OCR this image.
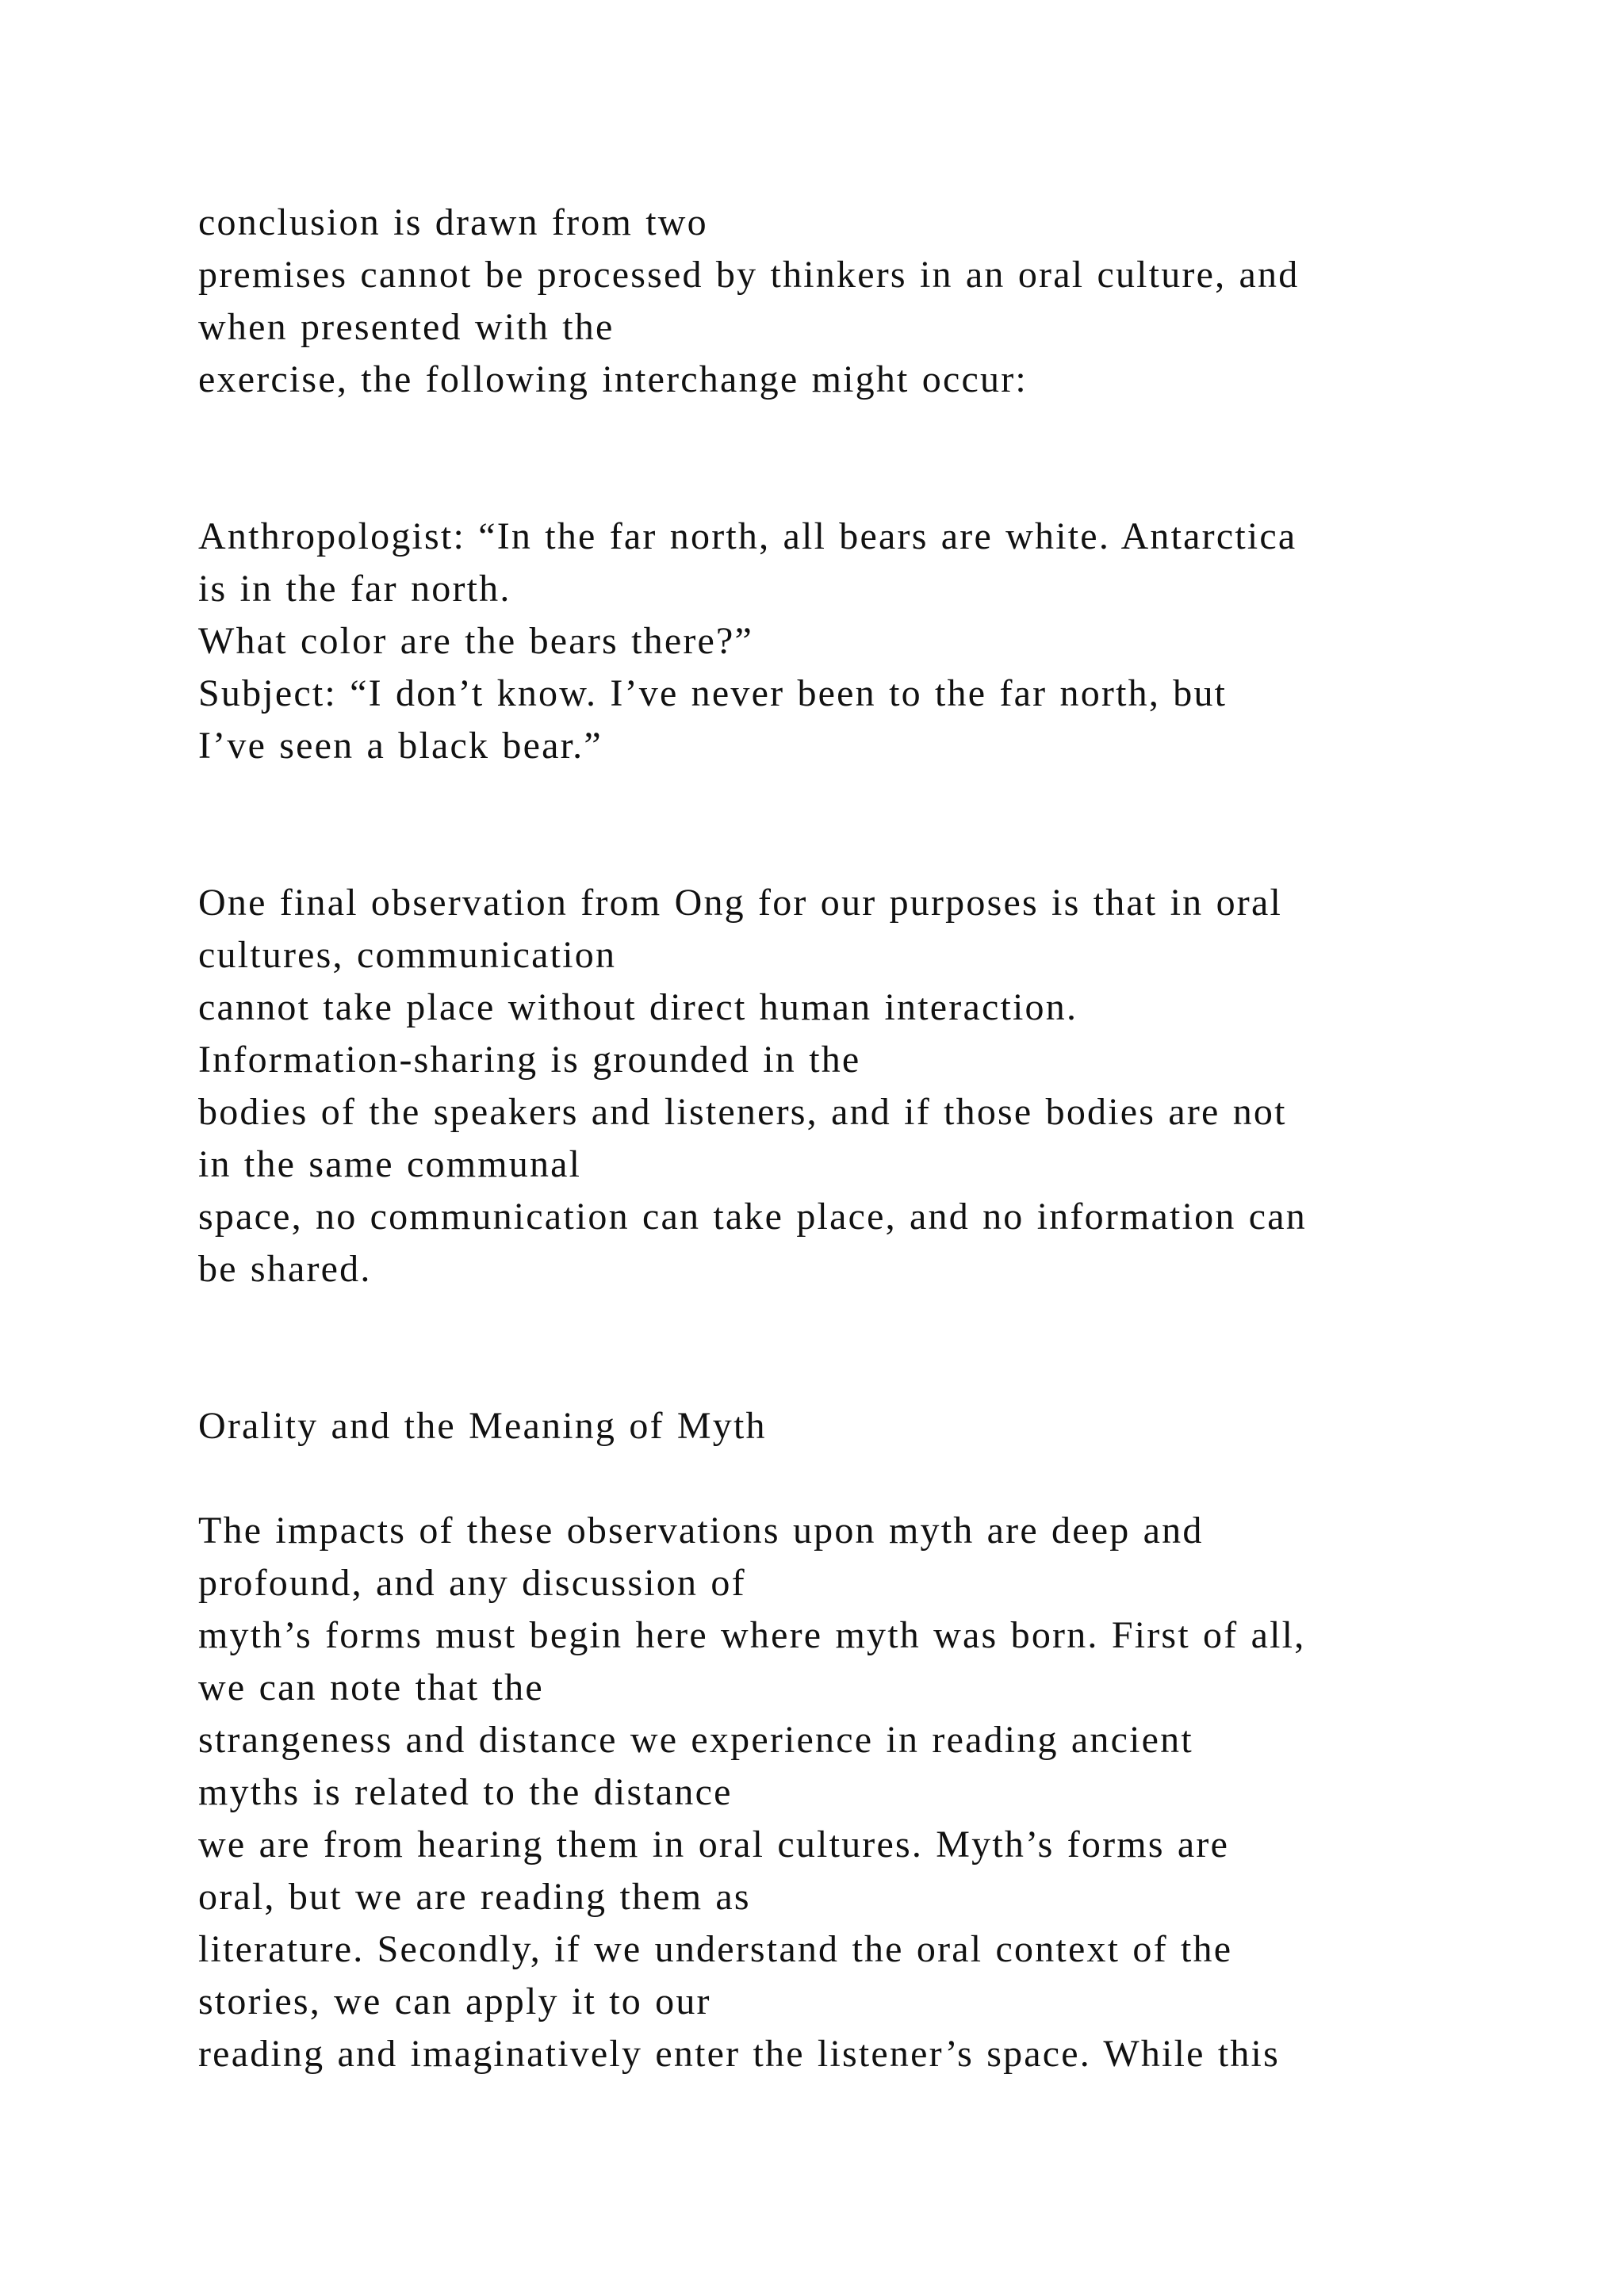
conclusion is drawn from two
premises cannot be processed by thinkers in an oral culture, and
when presented with the
exercise, the following interchange might occur:
Anthropologist: “In the far north, all bears are white. Antarctica
is in the far north.
What color are the bears there?”
Subject: “I don’t know. I’ve never been to the far north, but
I’ve seen a black bear.”
One final observation from Ong for our purposes is that in oral
cultures, communication
cannot take place without direct human interaction.
Information-sharing is grounded in the
bodies of the speakers and listeners, and if those bodies are not
in the same communal
space, no communication can take place, and no information can
be shared.
Orality and the Meaning of Myth
The impacts of these observations upon myth are deep and
profound, and any discussion of
myth’s forms must begin here where myth was born. First of all,
we can note that the
strangeness and distance we experience in reading ancient
myths is related to the distance
we are from hearing them in oral cultures. Myth’s forms are
oral, but we are reading them as
literature. Secondly, if we understand the oral context of the
stories, we can apply it to our
reading and imaginatively enter the listener’s space. While this
